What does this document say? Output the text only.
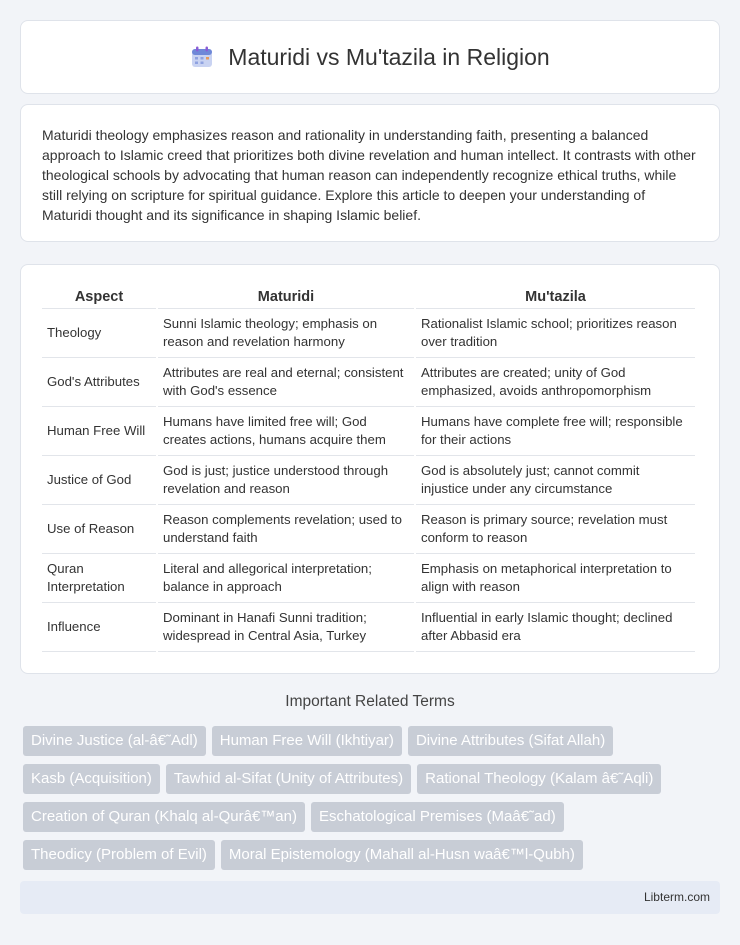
Maturidi vs Mu'tazila in Religion

Maturidi theology emphasizes reason and rationality in understanding faith, presenting a balanced approach to Islamic creed that prioritizes both divine revelation and human intellect. It contrasts with other theological schools by advocating that human reason can independently recognize ethical truths, while still relying on scripture for spiritual guidance. Explore this article to deepen your understanding of Maturidi thought and its significance in shaping Islamic belief.

Aspect	Maturidi	Mu'tazila
Theology	Sunni Islamic theology; emphasis on reason and revelation harmony	Rationalist Islamic school; prioritizes reason over tradition
God's Attributes	Attributes are real and eternal; consistent with God's essence	Attributes are created; unity of God emphasized, avoids anthropomorphism
Human Free Will	Humans have limited free will; God creates actions, humans acquire them	Humans have complete free will; responsible for their actions
Justice of God	God is just; justice understood through revelation and reason	God is absolutely just; cannot commit injustice under any circumstance
Use of Reason	Reason complements revelation; used to understand faith	Reason is primary source; revelation must conform to reason
Quran Interpretation	Literal and allegorical interpretation; balance in approach	Emphasis on metaphorical interpretation to align with reason
Influence	Dominant in Hanafi Sunni tradition; widespread in Central Asia, Turkey	Influential in early Islamic thought; declined after Abbasid era
Important Related Terms
Divine Justice (al-â€˜Adl)	Human Free Will (Ikhtiyar)	Divine Attributes (Sifat Allah)
Kasb (Acquisition)	Tawhid al-Sifat (Unity of Attributes)	Rational Theology (Kalam â€˜Aqli)
Creation of Quran (Khalq al-Qurâ€™an)	Eschatological Premises (Maâ€˜ad)
Theodicy (Problem of Evil)	Moral Epistemology (Mahall al-Husn waâ€™l-Qubh)
Libterm.com
